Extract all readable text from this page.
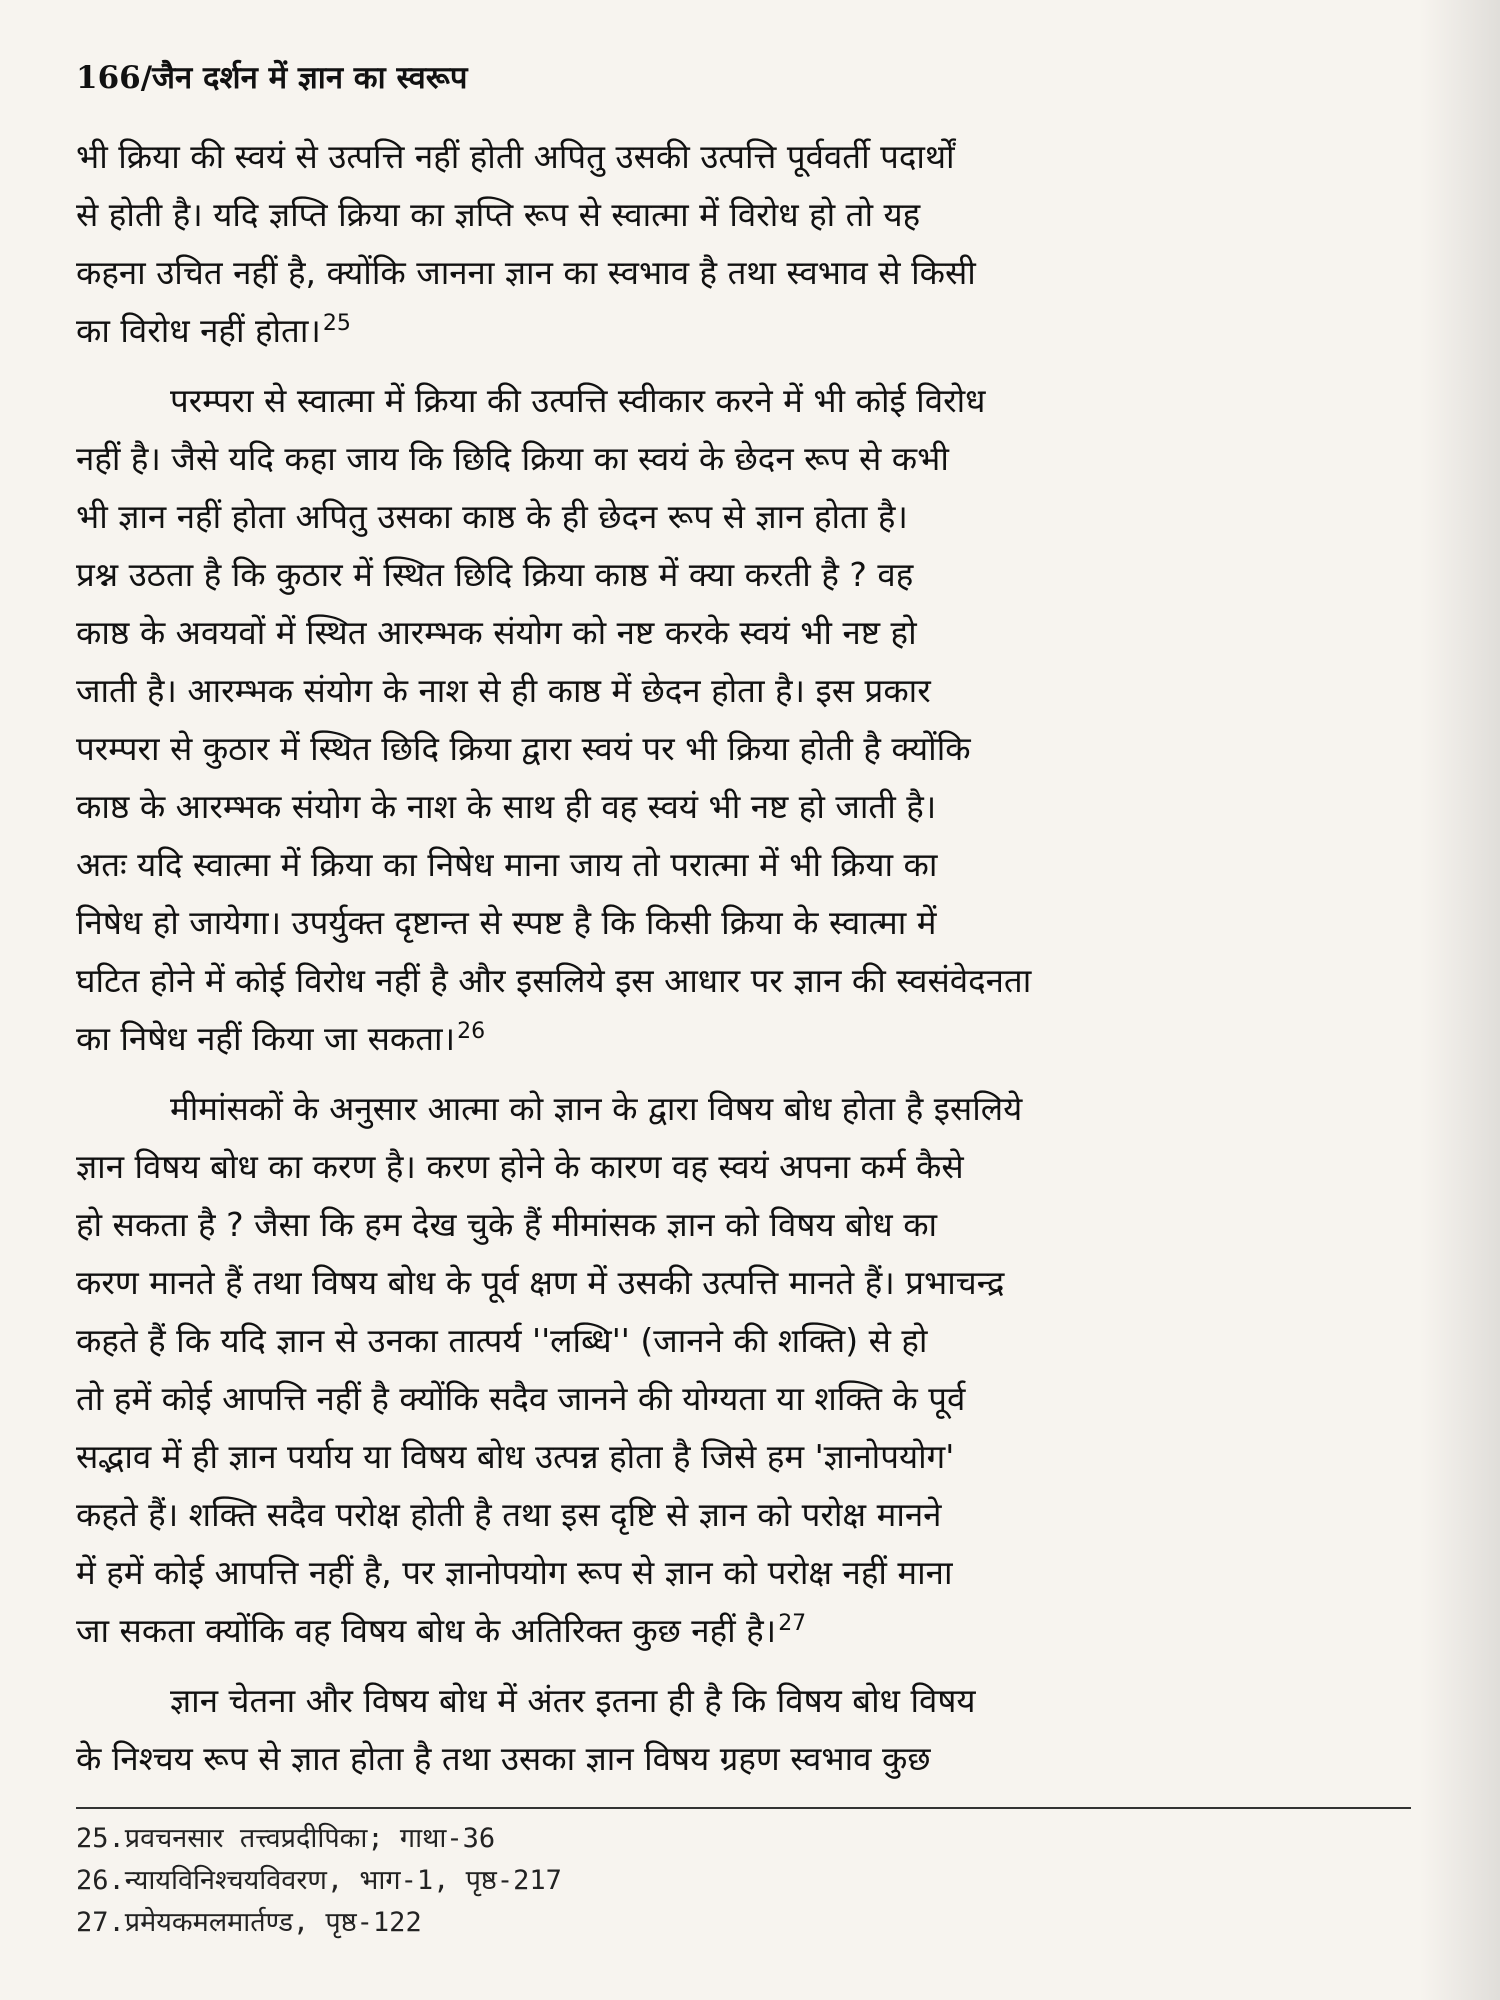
166/जैन दर्शन में ज्ञान का स्वरूप
भी क्रिया की स्वयं से उत्पत्ति नहीं होती अपितु उसकी उत्पत्ति पूर्ववर्ती पदार्थों
से होती है। यदि ज्ञप्ति क्रिया का ज्ञप्ति रूप से स्वात्मा में विरोध हो तो यह
कहना उचित नहीं है, क्योंकि जानना ज्ञान का स्वभाव है तथा स्वभाव से किसी
का विरोध नहीं होता।$^{25}$
परम्परा से स्वात्मा में क्रिया की उत्पत्ति स्वीकार करने में भी कोई विरोध
नहीं है। जैसे यदि कहा जाय कि छिदि क्रिया का स्वयं के छेदन रूप से कभी
भी ज्ञान नहीं होता अपितु उसका काष्ठ के ही छेदन रूप से ज्ञान होता है।
प्रश्न उठता है कि कुठार में स्थित छिदि क्रिया काष्ठ में क्या करती है ? वह
काष्ठ के अवयवों में स्थित आरम्भक संयोग को नष्ट करके स्वयं भी नष्ट हो
जाती है। आरम्भक संयोग के नाश से ही काष्ठ में छेदन होता है। इस प्रकार
परम्परा से कुठार में स्थित छिदि क्रिया द्वारा स्वयं पर भी क्रिया होती है क्योंकि
काष्ठ के आरम्भक संयोग के नाश के साथ ही वह स्वयं भी नष्ट हो जाती है।
अतः यदि स्वात्मा में क्रिया का निषेध माना जाय तो परात्मा में भी क्रिया का
निषेध हो जायेगा। उपर्युक्त दृष्टान्त से स्पष्ट है कि किसी क्रिया के स्वात्मा में
घटित होने में कोई विरोध नहीं है और इसलिये इस आधार पर ज्ञान की स्वसंवेदनता
का निषेध नहीं किया जा सकता।$^{26}$
मीमांसकों के अनुसार आत्मा को ज्ञान के द्वारा विषय बोध होता है इसलिये
ज्ञान विषय बोध का करण है। करण होने के कारण वह स्वयं अपना कर्म कैसे
हो सकता है ? जैसा कि हम देख चुके हैं मीमांसक ज्ञान को विषय बोध का
करण मानते हैं तथा विषय बोध के पूर्व क्षण में उसकी उत्पत्ति मानते हैं। प्रभाचन्द्र
कहते हैं कि यदि ज्ञान से उनका तात्पर्य ''लब्धि'' (जानने की शक्ति) से हो
तो हमें कोई आपत्ति नहीं है क्योंकि सदैव जानने की योग्यता या शक्ति के पूर्व
सद्भाव में ही ज्ञान पर्याय या विषय बोध उत्पन्न होता है जिसे हम 'ज्ञानोपयोग'
कहते हैं। शक्ति सदैव परोक्ष होती है तथा इस दृष्टि से ज्ञान को परोक्ष मानने
में हमें कोई आपत्ति नहीं है, पर ज्ञानोपयोग रूप से ज्ञान को परोक्ष नहीं माना
जा सकता क्योंकि वह विषय बोध के अतिरिक्त कुछ नहीं है।$^{27}$
ज्ञान चेतना और विषय बोध में अंतर इतना ही है कि विषय बोध विषय
के निश्चय रूप से ज्ञात होता है तथा उसका ज्ञान विषय ग्रहण स्वभाव कुछ
25.प्रवचनसार तत्त्वप्रदीपिका; गाथा-36
26.न्यायविनिश्चयविवरण, भाग-1, पृष्ठ-217
27.प्रमेयकमलमार्तण्ड, पृष्ठ-122
